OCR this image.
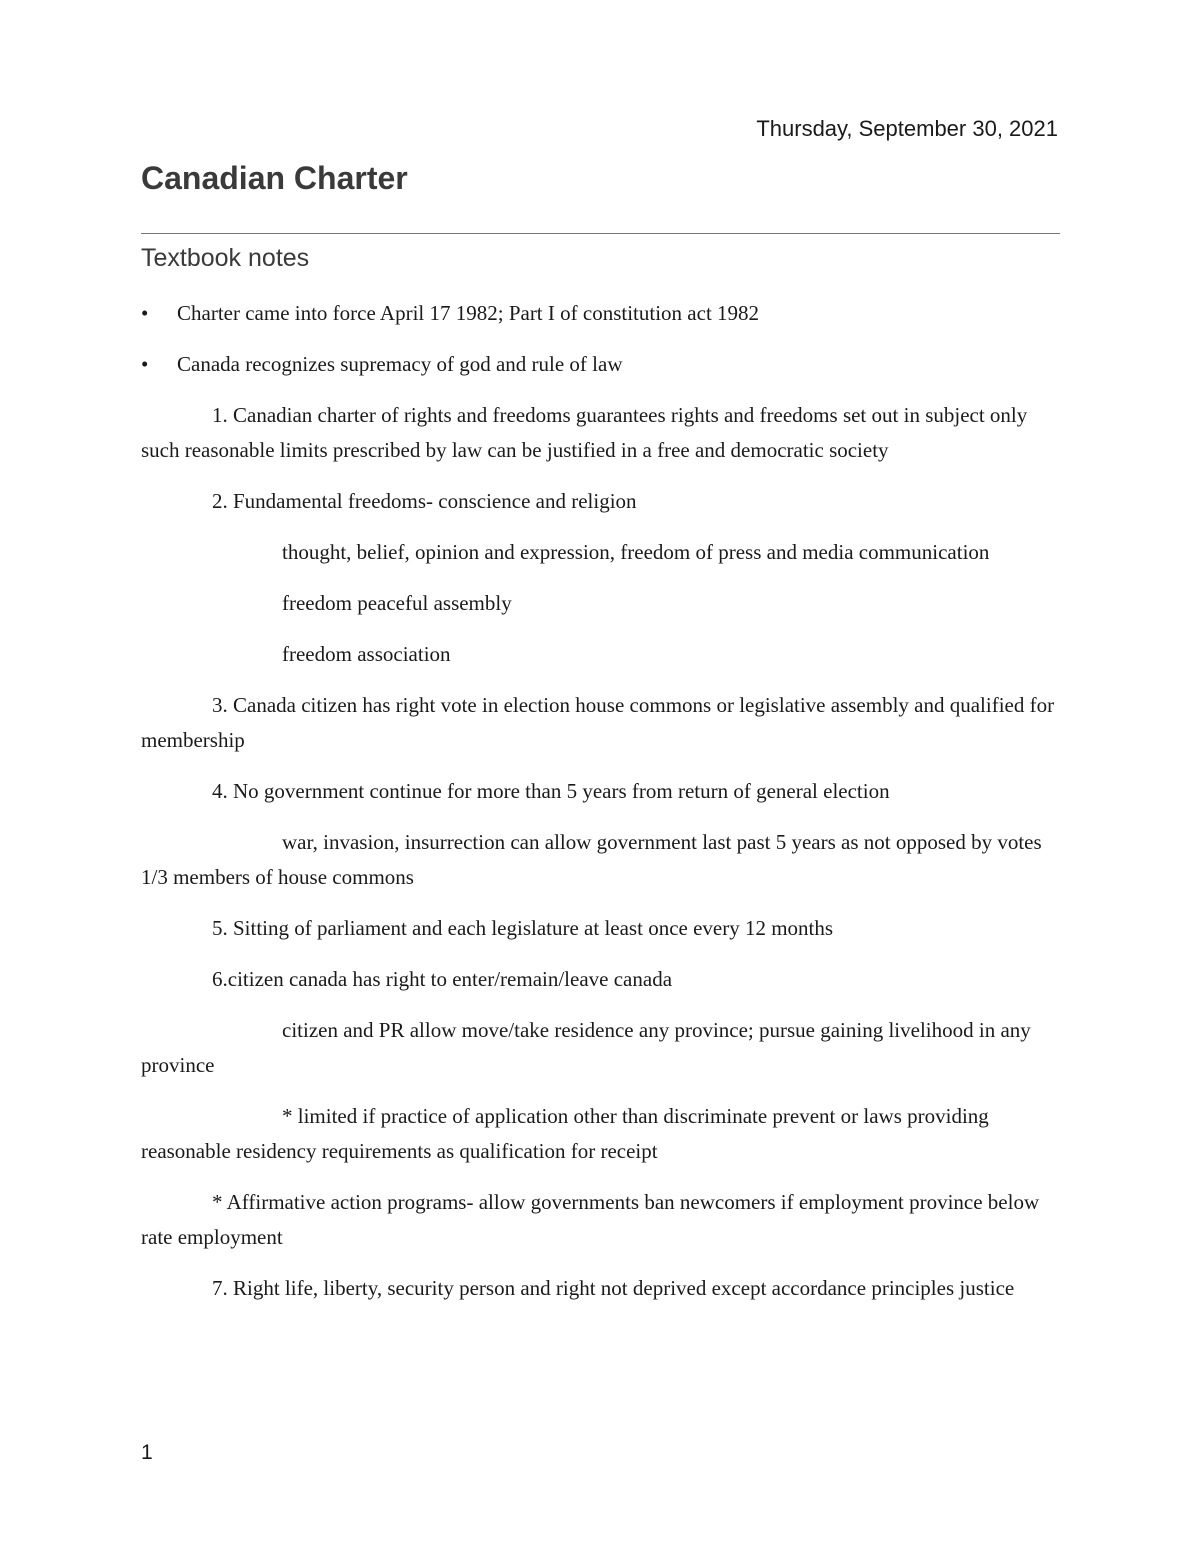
Thursday, September 30, 2021
Canadian Charter
Textbook notes

• Charter came into force April 17 1982; Part I of constitution act 1982

• Canada recognizes supremacy of god and rule of law

1. Canadian charter of rights and freedoms guarantees rights and freedoms set out in subject only such reasonable limits prescribed by law can be justified in a free and democratic society

2. Fundamental freedoms- conscience and religion

thought, belief, opinion and expression, freedom of press and media communication

freedom peaceful assembly

freedom association

3. Canada citizen has right vote in election house commons or legislative assembly and qualified for membership

4. No government continue for more than 5 years from return of general election

war, invasion, insurrection can allow government last past 5 years as not opposed by votes 1/3 members of house commons

5. Sitting of parliament and each legislature at least once every 12 months

6.citizen canada has right to enter/remain/leave canada

citizen and PR allow move/take residence any province; pursue gaining livelihood in any province

* limited if practice of application other than discriminate prevent or laws providing reasonable residency requirements as qualification for receipt

* Affirmative action programs- allow governments ban newcomers if employment province below rate employment

7. Right life, liberty, security person and right not deprived except accordance principles justice

1
